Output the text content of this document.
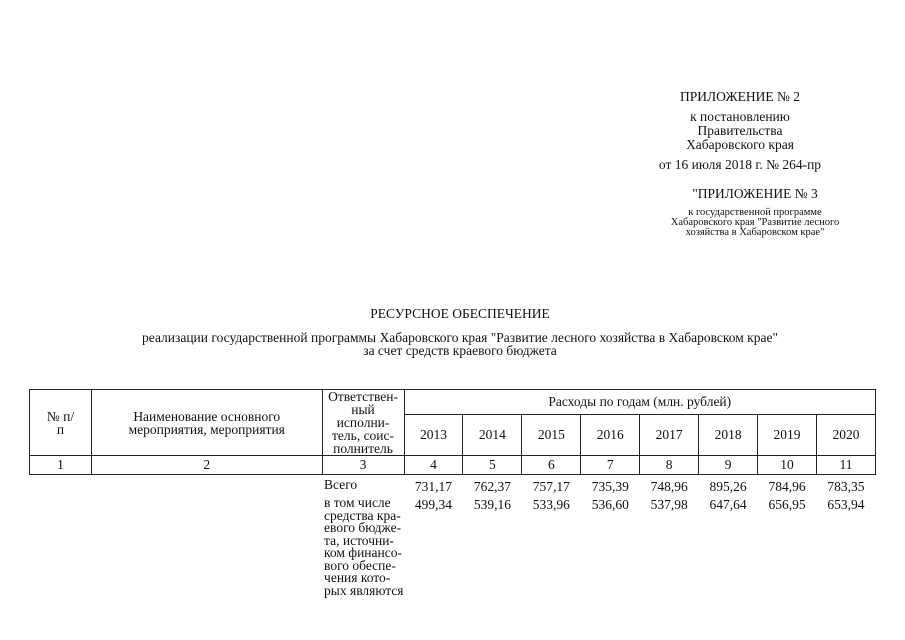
ПРИЛОЖЕНИЕ № 2
к постановлению
Правительства
Хабаровского края
от 16 июля 2018 г. № 264-пр
"ПРИЛОЖЕНИЕ № 3
к государственной программе
Хабаровского края "Развитие лесного
хозяйства в Хабаровском крае"
РЕСУРСНОЕ ОБЕСПЕЧЕНИЕ
реализации государственной программы Хабаровского края "Развитие лесного хозяйства в Хабаровском крае"
за счет средств краевого бюджета
№ п/п	Наименование основного мероприятия, мероприятия	Ответствен-ный исполни-тель, соис-полнитель	Расходы по годам (млн. рублей)							
			2013	2014	2015	2016	2017	2018	2019	2020
1	2	3	4	5	6	7	8	9	10	11
		Всего	731,17	762,37	757,17	735,39	748,96	895,26	784,96	783,35
		в том числе средства кра-евого бюдже-та, источни-ком финансо-вого обеспе-чения кото-рых являются	499,34	539,16	533,96	536,60	537,98	647,64	656,95	653,94
